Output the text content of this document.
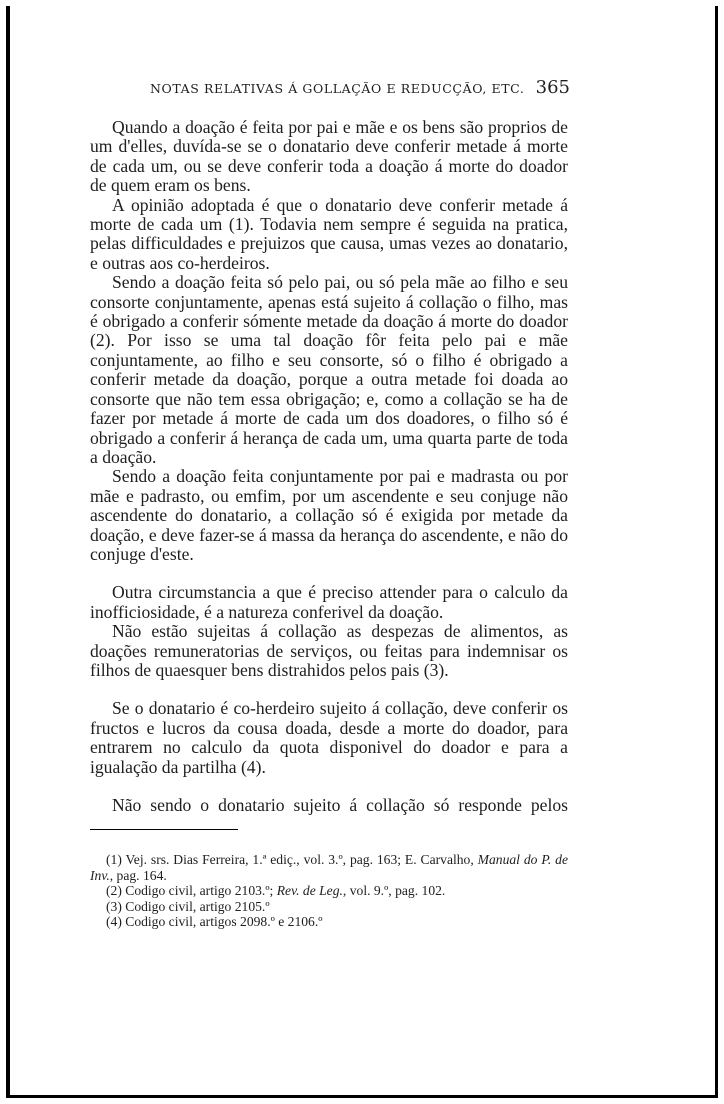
NOTAS RELATIVAS Á GOLLAÇÃO E REDUCÇÃO, ETC. 365

Quando a doação é feita por pai e mãe e os bens são proprios de um d'elles, duvída-se se o donatario deve conferir metade á morte de cada um, ou se deve conferir toda a doação á morte do doador de quem eram os bens.

A opinião adoptada é que o donatario deve conferir metade á morte de cada um (1). Todavia nem sempre é seguida na pratica, pelas difficuldades e prejuizos que causa, umas vezes ao donatario, e outras aos co-herdeiros.

Sendo a doação feita só pelo pai, ou só pela mãe ao filho e seu consorte conjuntamente, apenas está sujeito á collação o filho, mas é obrigado a conferir sómente metade da doação á morte do doador (2). Por isso se uma tal doação fôr feita pelo pai e mãe conjuntamente, ao filho e seu consorte, só o filho é obrigado a conferir metade da doação, porque a outra metade foi doada ao consorte que não tem essa obrigação; e, como a collação se ha de fazer por metade á morte de cada um dos doadores, o filho só é obrigado a conferir á herança de cada um, uma quarta parte de toda a doação.

Sendo a doação feita conjuntamente por pai e madrasta ou por mãe e padrasto, ou emfim, por um ascendente e seu conjuge não ascendente do donatario, a collação só é exigida por metade da doação, e deve fazer-se á massa da herança do ascendente, e não do conjuge d'este.

Outra circumstancia a que é preciso attender para o calculo da inofficiosidade, é a natureza conferivel da doação.

Não estão sujeitas á collação as despezas de alimentos, as doações remuneratorias de serviços, ou feitas para indemnisar os filhos de quaesquer bens distrahidos pelos pais (3).

Se o donatario é co-herdeiro sujeito á collação, deve conferir os fructos e lucros da cousa doada, desde a morte do doador, para entrarem no calculo da quota disponivel do doador e para a igualação da partilha (4).

Não sendo o donatario sujeito á collação só responde pelos

(1) Vej. srs. Dias Ferreira, 1.ª ediç., vol. 3.º, pag. 163; E. Carvalho, Manual do P. de Inv., pag. 164.

(2) Codigo civil, artigo 2103.º; Rev. de Leg., vol. 9.º, pag. 102.

(3) Codigo civil, artigo 2105.º

(4) Codigo civil, artigos 2098.º e 2106.º
